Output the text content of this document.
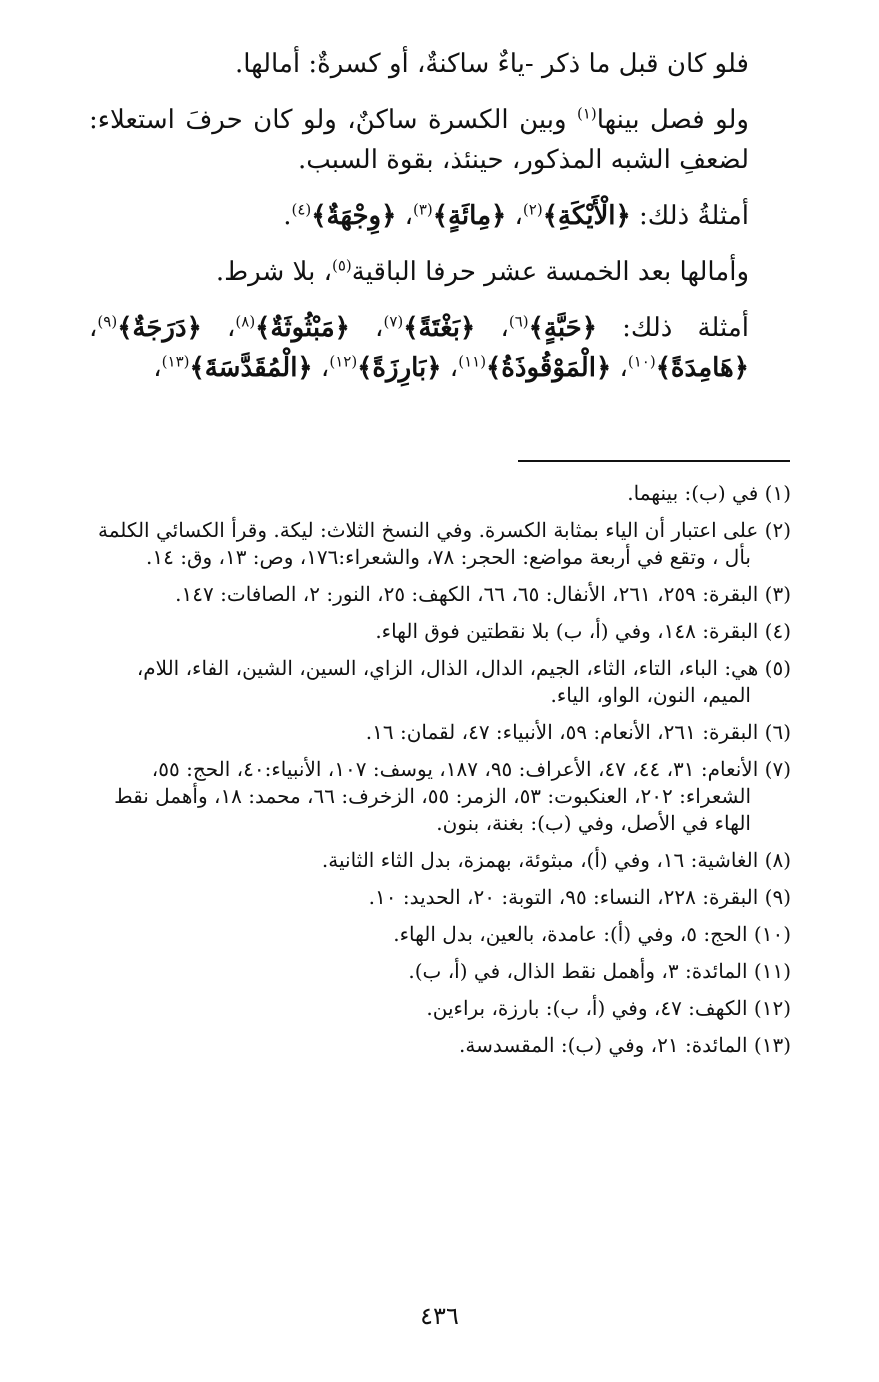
فلو كان قبل ما ذكر -ياءٌ ساكنةٌ، أو كسرةٌ: أمالها.

ولو فصل بينها$^{(١)}$ وبين الكسرة ساكنٌ، ولو كان حرفَ استعلاء: لضعفِ الشبه المذكور، حينئذ، بقوة السبب.

أمثلةُ ذلك: ﴿الْأَيْكَةِ﴾$^{(٢)}$، ﴿مِائَةٍ﴾$^{(٣)}$، ﴿وِجْهَةٌ﴾$^{(٤)}$.

وأمالها بعد الخمسة عشر حرفا الباقية$^{(٥)}$، بلا شرط.

أمثلة ذلك: ﴿حَبَّةٍ﴾$^{(٦)}$، ﴿بَغْتَةً﴾$^{(٧)}$، ﴿مَبْثُوثَةٌ﴾$^{(٨)}$، ﴿دَرَجَةٌ﴾$^{(٩)}$، ﴿هَامِدَةً﴾$^{(١٠)}$، ﴿الْمَوْقُوذَةُ﴾$^{(١١)}$، ﴿بَارِزَةً﴾$^{(١٢)}$، ﴿الْمُقَدَّسَةَ﴾$^{(١٣)}$،

(١) في (ب): بينهما.

(٢) على اعتبار أن الياء بمثابة الكسرة. وفي النسخ الثلاث: ليكة. وقرأ الكسائي الكلمة بأل ، وتقع في أربعة مواضع: الحجر: ٧٨، والشعراء:١٧٦، وص: ١٣، وق: ١٤.

(٣) البقرة: ٢٥٩، ٢٦١، الأنفال: ٦٥، ٦٦، الكهف: ٢٥، النور: ٢، الصافات: ١٤٧.

(٤) البقرة: ١٤٨، وفي (أ، ب) بلا نقطتين فوق الهاء.

(٥) هي: الباء، التاء، الثاء، الجيم، الدال، الذال، الزاي، السين، الشين، الفاء، اللام، الميم، النون، الواو، الياء.

(٦) البقرة: ٢٦١، الأنعام: ٥٩، الأنبياء: ٤٧، لقمان: ١٦.

(٧) الأنعام: ٣١، ٤٤، ٤٧، الأعراف: ٩٥، ١٨٧، يوسف: ١٠٧، الأنبياء:٤٠، الحج: ٥٥، الشعراء: ٢٠٢، العنكبوت: ٥٣، الزمر: ٥٥، الزخرف: ٦٦، محمد: ١٨، وأهمل نقط الهاء في الأصل، وفي (ب): بغنة، بنون.

(٨) الغاشية: ١٦، وفي (أ)، مبثوئة، بهمزة، بدل الثاء الثانية.

(٩) البقرة: ٢٢٨، النساء: ٩٥، التوبة: ٢٠، الحديد: ١٠.

(١٠) الحج: ٥، وفي (أ): عامدة، بالعين، بدل الهاء.

(١١) المائدة: ٣، وأهمل نقط الذال، في (أ، ب).

(١٢) الكهف: ٤٧، وفي (أ، ب): بارزة، براءين.

(١٣) المائدة: ٢١، وفي (ب): المقسدسة.

٤٣٦
